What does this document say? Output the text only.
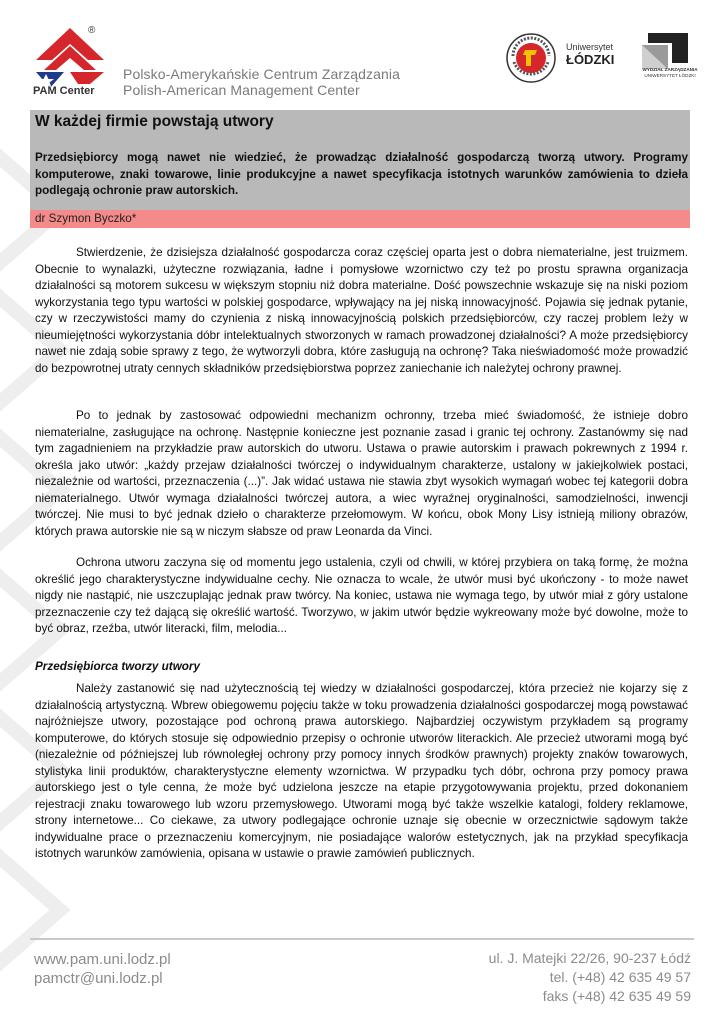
®
PAM Center
Polsko-Amerykańskie Centrum Zarządzania
Polish-American Management Center
Uniwersytet
ŁÓDZKI
WYDZIAŁ ZARZĄDZANIA
UNIWERSYTET ŁÓDZKI
W każdej firmie powstają utwory

Przedsiębiorcy mogą nawet nie wiedzieć, że prowadząc działalność gospodarczą tworzą utwory. Programy komputerowe, znaki towarowe, linie produkcyjne a nawet specyfikacja istotnych warunków zamówienia to dzieła podlegają ochronie praw autorskich.

dr Szymon Byczko*

Stwierdzenie, że dzisiejsza działalność gospodarcza coraz częściej oparta jest o dobra niematerialne, jest truizmem. Obecnie to wynalazki, użyteczne rozwiązania, ładne i pomysłowe wzornictwo czy też po prostu sprawna organizacja działalności są motorem sukcesu w większym stopniu niż dobra materialne. Dość powszechnie wskazuje się na niski poziom wykorzystania tego typu wartości w polskiej gospodarce, wpływający na jej niską innowacyjność. Pojawia się jednak pytanie, czy w rzeczywistości mamy do czynienia z niską innowacyjnością polskich przedsiębiorców, czy raczej problem leży w nieumiejętności wykorzystania dóbr intelektualnych stworzonych w ramach prowadzonej działalności? A może przedsiębiorcy nawet nie zdają sobie sprawy z tego, że wytworzyli dobra, które zasługują na ochronę? Taka nieświadomość może prowadzić do bezpowrotnej utraty cennych składników przedsiębiorstwa poprzez zaniechanie ich należytej ochrony prawnej.

Po to jednak by zastosować odpowiedni mechanizm ochronny, trzeba mieć świadomość, że istnieje dobro niematerialne, zasługujące na ochronę. Następnie konieczne jest poznanie zasad i granic tej ochrony. Zastanówmy się nad tym zagadnieniem na przykładzie praw autorskich do utworu. Ustawa o prawie autorskim i prawach pokrewnych z 1994 r. określa jako utwór: „każdy przejaw działalności twórczej o indywidualnym charakterze, ustalony w jakiejkolwiek postaci, niezależnie od wartości, przeznaczenia (...)”. Jak widać ustawa nie stawia zbyt wysokich wymagań wobec tej kategorii dobra niematerialnego. Utwór wymaga działalności twórczej autora, a wiec wyraźnej oryginalności, samodzielności, inwencji twórczej. Nie musi to być jednak dzieło o charakterze przełomowym. W końcu, obok Mony Lisy istnieją miliony obrazów, których prawa autorskie nie są w niczym słabsze od praw Leonarda da Vinci.

Ochrona utworu zaczyna się od momentu jego ustalenia, czyli od chwili, w której przybiera on taką formę, że można określić jego charakterystyczne indywidualne cechy. Nie oznacza to wcale, że utwór musi być ukończony - to może nawet nigdy nie nastąpić, nie uszczuplając jednak praw twórcy. Na koniec, ustawa nie wymaga tego, by utwór miał z góry ustalone przeznaczenie czy też dającą się określić wartość. Tworzywo, w jakim utwór będzie wykreowany może być dowolne, może to być obraz, rzeźba, utwór literacki, film, melodia...

Przedsiębiorca tworzy utwory

Należy zastanowić się nad użytecznością tej wiedzy w działalności gospodarczej, która przecież nie kojarzy się z działalnością artystyczną. Wbrew obiegowemu pojęciu także w toku prowadzenia działalności gospodarczej mogą powstawać najróżniejsze utwory, pozostające pod ochroną prawa autorskiego. Najbardziej oczywistym przykładem są programy komputerowe, do których stosuje się odpowiednio przepisy o ochronie utworów literackich. Ale przecież utworami mogą być (niezależnie od późniejszej lub równoległej ochrony przy pomocy innych środków prawnych) projekty znaków towarowych, stylistyka linii produktów, charakterystyczne elementy wzornictwa. W przypadku tych dóbr, ochrona przy pomocy prawa autorskiego jest o tyle cenna, że może być udzielona jeszcze na etapie przygotowywania projektu, przed dokonaniem rejestracji znaku towarowego lub wzoru przemysłowego. Utworami mogą być także wszelkie katalogi, foldery reklamowe, strony internetowe... Co ciekawe, za utwory podlegające ochronie uznaje się obecnie w orzecznictwie sądowym także indywidualne prace o przeznaczeniu komercyjnym, nie posiadające walorów estetycznych, jak na przykład specyfikacja istotnych warunków zamówienia, opisana w ustawie o prawie zamówień publicznych.

www.pam.uni.lodz.pl
pamctr@uni.lodz.pl
ul. J. Matejki 22/26, 90-237 Łódź
tel. (+48) 42 635 49 57
faks (+48) 42 635 49 59
